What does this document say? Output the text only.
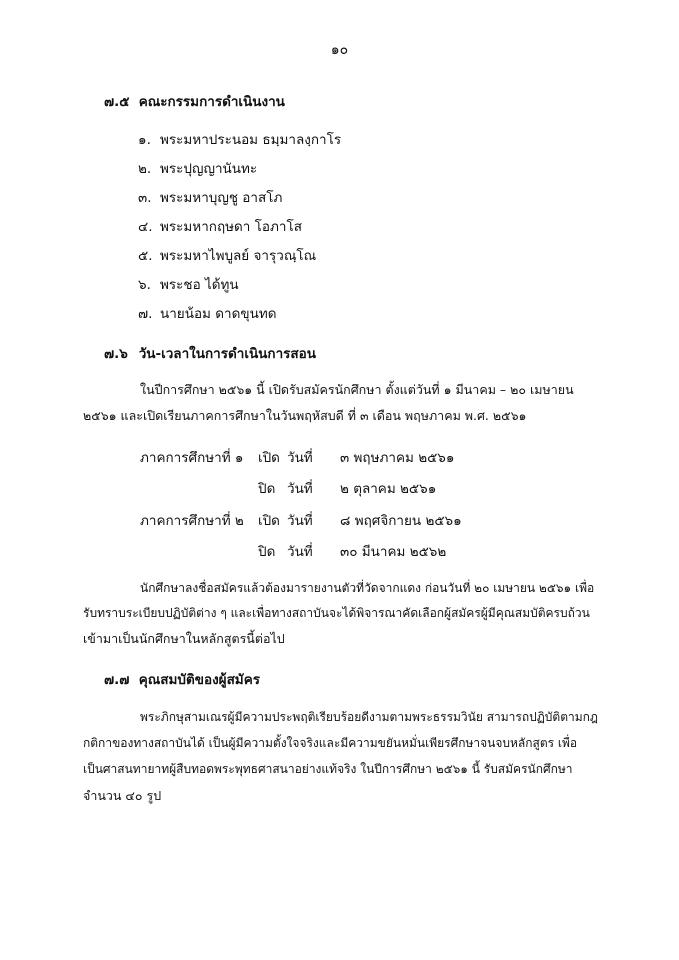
๑๐
๗.๕ คณะกรรมการดำเนินงาน
๑. พระมหาประนอม ธมฺมาลงฺกาโร
๒. พระปุญญานันทะ
๓. พระมหาบุญชู อาสโภ
๔. พระมหากฤษดา โอภาโส
๕. พระมหาไพบูลย์ จารุวณฺโณ
๖. พระชอ ได้ทูน
๗. นายน้อม ดาดขุนทด
๗.๖ วัน-เวลาในการดำเนินการสอน
ในปีการศึกษา ๒๕๖๑ นี้ เปิดรับสมัครนักศึกษา ตั้งแต่วันที่ ๑ มีนาคม – ๒๐ เมษายน
๒๕๖๑ และเปิดเรียนภาคการศึกษาในวันพฤหัสบดี ที่ ๓ เดือน พฤษภาคม พ.ศ. ๒๕๖๑
ภาคการศึกษาที่ ๑ เปิด วันที่ ๓ พฤษภาคม ๒๕๖๑
ปิด วันที่ ๒ ตุลาคม ๒๕๖๑
ภาคการศึกษาที่ ๒ เปิด วันที่ ๘ พฤศจิกายน ๒๕๖๑
ปิด วันที่ ๓๐ มีนาคม ๒๕๖๒
นักศึกษาลงชื่อสมัครแล้วต้องมารายงานตัวที่วัดจากแดง ก่อนวันที่ ๒๐ เมษายน ๒๕๖๑ เพื่อ
รับทราบระเบียบปฏิบัติต่าง ๆ และเพื่อทางสถาบันจะได้พิจารณาคัดเลือกผู้สมัครผู้มีคุณสมบัติครบถ้วน
เข้ามาเป็นนักศึกษาในหลักสูตรนี้ต่อไป
๗.๗ คุณสมบัติของผู้สมัคร
พระภิกษุสามเณรผู้มีความประพฤติเรียบร้อยดีงามตามพระธรรมวินัย สามารถปฏิบัติตามกฎ
กติกาของทางสถาบันได้ เป็นผู้มีความตั้งใจจริงและมีความขยันหมั่นเพียรศึกษาจนจบหลักสูตร เพื่อ
เป็นศาสนทายาทผู้สืบทอดพระพุทธศาสนาอย่างแท้จริง ในปีการศึกษา ๒๕๖๑ นี้ รับสมัครนักศึกษา
จำนวน ๔๐ รูป
